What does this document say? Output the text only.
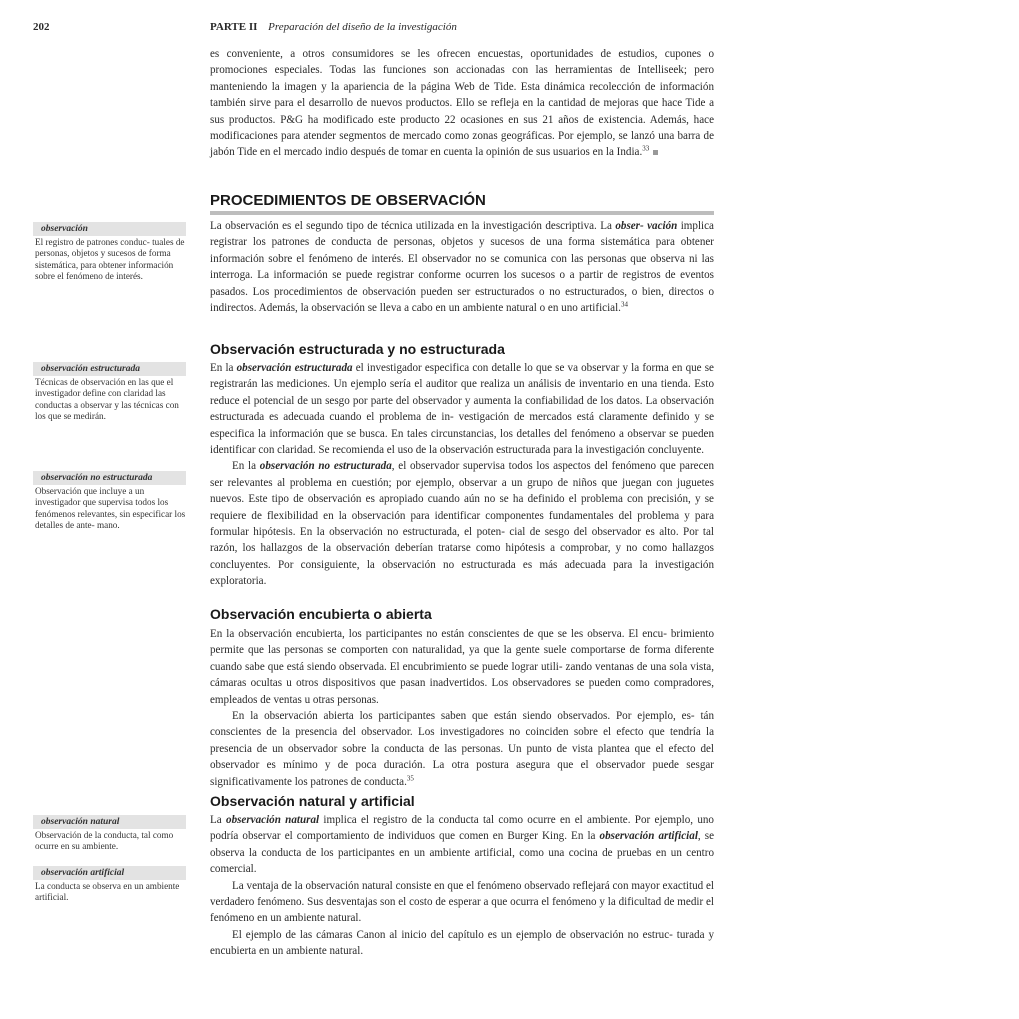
202	PARTE II Preparación del diseño de la investigación

es conveniente, a otros consumidores se les ofrecen encuestas, oportunidades de estudios, cupones o promociones especiales. Todas las funciones son accionadas con las herramientas de Intelliseek; pero manteniendo la imagen y la apariencia de la página Web de Tide. Esta dinámica recolección de información también sirve para el desarrollo de nuevos productos. Ello se refleja en la cantidad de mejoras que hace Tide a sus productos. P&G ha modificado este producto 22 ocasiones en sus 21 años de existencia. Además, hace modificaciones para atender segmentos de mercado como zonas geográficas. Por ejemplo, se lanzó una barra de jabón Tide en el mercado indio después de tomar en cuenta la opinión de sus usuarios en la India.$^{33}$

PROCEDIMIENTOS DE OBSERVACIÓN

La observación es el segundo tipo de técnica utilizada en la investigación descriptiva. La obser- vación implica registrar los patrones de conducta de personas, objetos y sucesos de una forma sistemática para obtener información sobre el fenómeno de interés. El observador no se comunica con las personas que observa ni las interroga. La información se puede registrar conforme ocurren los sucesos o a partir de registros de eventos pasados. Los procedimientos de observación pueden ser estructurados o no estructurados, o bien, directos o indirectos. Además, la observación se lleva a cabo en un ambiente natural o en uno artificial.$^{34}$

Observación estructurada y no estructurada

En la observación estructurada el investigador especifica con detalle lo que se va observar y la forma en que se registrarán las mediciones. Un ejemplo sería el auditor que realiza un análisis de inventario en una tienda. Esto reduce el potencial de un sesgo por parte del observador y aumenta la confiabilidad de los datos. La observación estructurada es adecuada cuando el problema de in- vestigación de mercados está claramente definido y se especifica la información que se busca. En tales circunstancias, los detalles del fenómeno a observar se pueden identificar con claridad. Se recomienda el uso de la observación estructurada para la investigación concluyente.

En la observación no estructurada, el observador supervisa todos los aspectos del fenómeno que parecen ser relevantes al problema en cuestión; por ejemplo, observar a un grupo de niños que juegan con juguetes nuevos. Este tipo de observación es apropiado cuando aún no se ha definido el problema con precisión, y se requiere de flexibilidad en la observación para identificar componentes fundamentales del problema y para formular hipótesis. En la observación no estructurada, el poten- cial de sesgo del observador es alto. Por tal razón, los hallazgos de la observación deberían tratarse como hipótesis a comprobar, y no como hallazgos concluyentes. Por consiguiente, la observación no estructurada es más adecuada para la investigación exploratoria.

Observación encubierta o abierta

En la observación encubierta, los participantes no están conscientes de que se les observa. El encu- brimiento permite que las personas se comporten con naturalidad, ya que la gente suele comportarse de forma diferente cuando sabe que está siendo observada. El encubrimiento se puede lograr utili- zando ventanas de una sola vista, cámaras ocultas u otros dispositivos que pasan inadvertidos. Los observadores se pueden como compradores, empleados de ventas u otras personas.

En la observación abierta los participantes saben que están siendo observados. Por ejemplo, es- tán conscientes de la presencia del observador. Los investigadores no coinciden sobre el efecto que tendría la presencia de un observador sobre la conducta de las personas. Un punto de vista plantea que el efecto del observador es mínimo y de poca duración. La otra postura asegura que el observador puede sesgar significativamente los patrones de conducta.$^{35}$

Observación natural y artificial

La observación natural implica el registro de la conducta tal como ocurre en el ambiente. Por ejemplo, uno podría observar el comportamiento de individuos que comen en Burger King. En la observación artificial, se observa la conducta de los participantes en un ambiente artificial, como una cocina de pruebas en un centro comercial.

La ventaja de la observación natural consiste en que el fenómeno observado reflejará con mayor exactitud el verdadero fenómeno. Sus desventajas son el costo de esperar a que ocurra el fenómeno y la dificultad de medir el fenómeno en un ambiente natural.

El ejemplo de las cámaras Canon al inicio del capítulo es un ejemplo de observación no estruc- turada y encubierta en un ambiente natural.

observación
El registro de patrones conduc- tuales de personas, objetos y sucesos de forma sistemática, para obtener información sobre el fenómeno de interés.
observación estructurada
Técnicas de observación en las que el investigador define con claridad las conductas a observar y las técnicas con los que se medirán.
observación no estructurada
Observación que incluye a un investigador que supervisa todos los fenómenos relevantes, sin especificar los detalles de ante- mano.
observación natural
Observación de la conducta, tal como ocurre en su ambiente.
observación artificial
La conducta se observa en un ambiente artificial.
